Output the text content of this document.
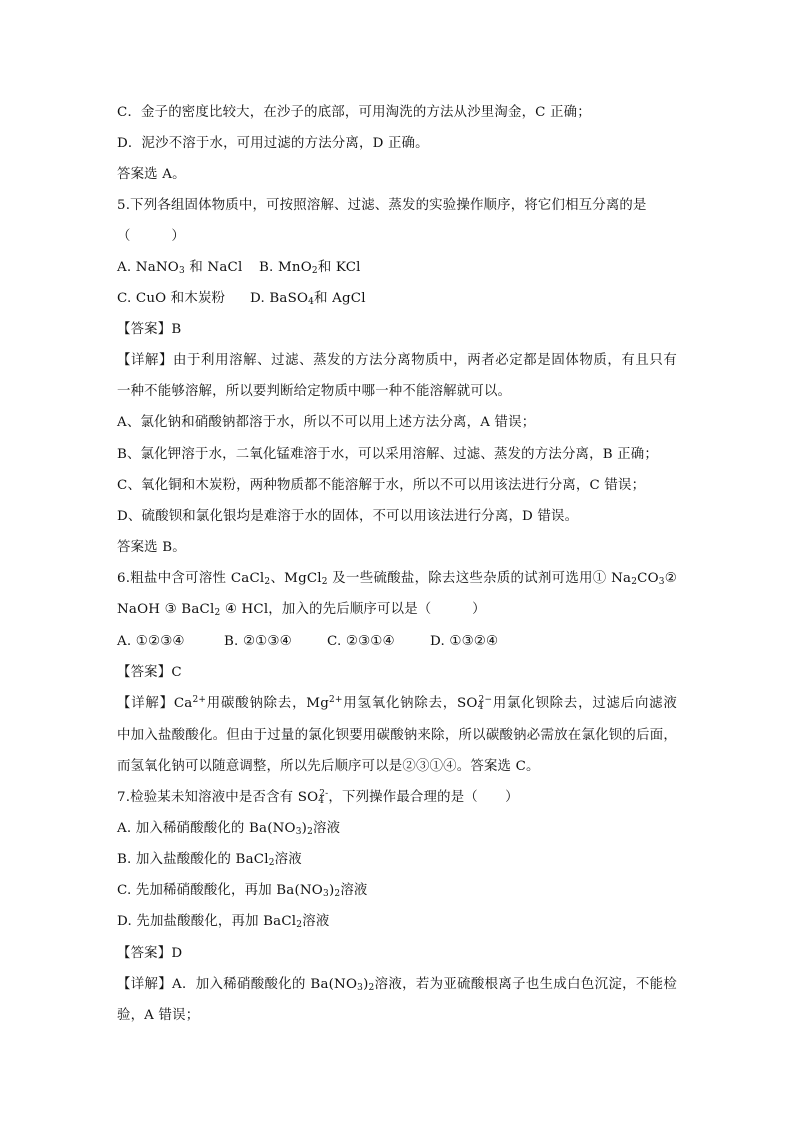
C．金子的密度比较大，在沙子的底部，可用淘洗的方法从沙里淘金，C 正确；
D．泥沙不溶于水，可用过滤的方法分离，D 正确。
答案选 A。
5.下列各组固体物质中，可按照溶解、过滤、蒸发的实验操作顺序，将它们相互分离的是
（　　　）
A. NaNO$_3$ 和 NaCl B. MnO$_2$和 KCl
C. CuO 和木炭粉 D. BaSO$_4$和 AgCl
【答案】B
【详解】由于利用溶解、过滤、蒸发的方法分离物质中，两者必定都是固体物质，有且只有
一种不能够溶解，所以要判断给定物质中哪一种不能溶解就可以。
A、氯化钠和硝酸钠都溶于水，所以不可以用上述方法分离，A 错误；
B、氯化钾溶于水，二氧化锰难溶于水，可以采用溶解、过滤、蒸发的方法分离，B 正确；
C、氧化铜和木炭粉，两种物质都不能溶解于水，所以不可以用该法进行分离，C 错误；
D、硫酸钡和氯化银均是难溶于水的固体，不可以用该法进行分离，D 错误。
答案选 B。
6.粗盐中含可溶性 CaCl$_2$、MgCl$_2$ 及一些硫酸盐，除去这些杂质的试剂可选用① $Na_2CO_3②$
NaOH ③ BaCl$_2$ ④ HCl，加入的先后顺序可以是（　　　）
A. ①②③④	B. ②①③④	C. ②③①④	D. ①③②④
【答案】C
【详解】$Ca^{2+}$用碳酸钠除去，$Mg^{2+}$用氢氧化钠除去，$SO_4^{2-}$用氯化钡除去，过滤后向滤液
中加入盐酸酸化。但由于过量的氯化钡要用碳酸钠来除，所以碳酸钠必需放在氯化钡的后面，
而氢氧化钠可以随意调整，所以先后顺序可以是②③①④。答案选 C。
7.检验某未知溶液中是否含有 $SO_4^{2-}$，下列操作最合理的是（　　）
A. 加入稀硝酸酸化的 $Ba(NO_3)_2$溶液
B. 加入盐酸酸化的 BaCl$_2$溶液
C. 先加稀硝酸酸化，再加 $Ba(NO_3)_2$溶液
D. 先加盐酸酸化，再加 BaCl$_2$溶液
【答案】D
【详解】A．加入稀硝酸酸化的 $Ba(NO_3)_2$溶液，若为亚硫酸根离子也生成白色沉淀，不能检
验，A 错误；
